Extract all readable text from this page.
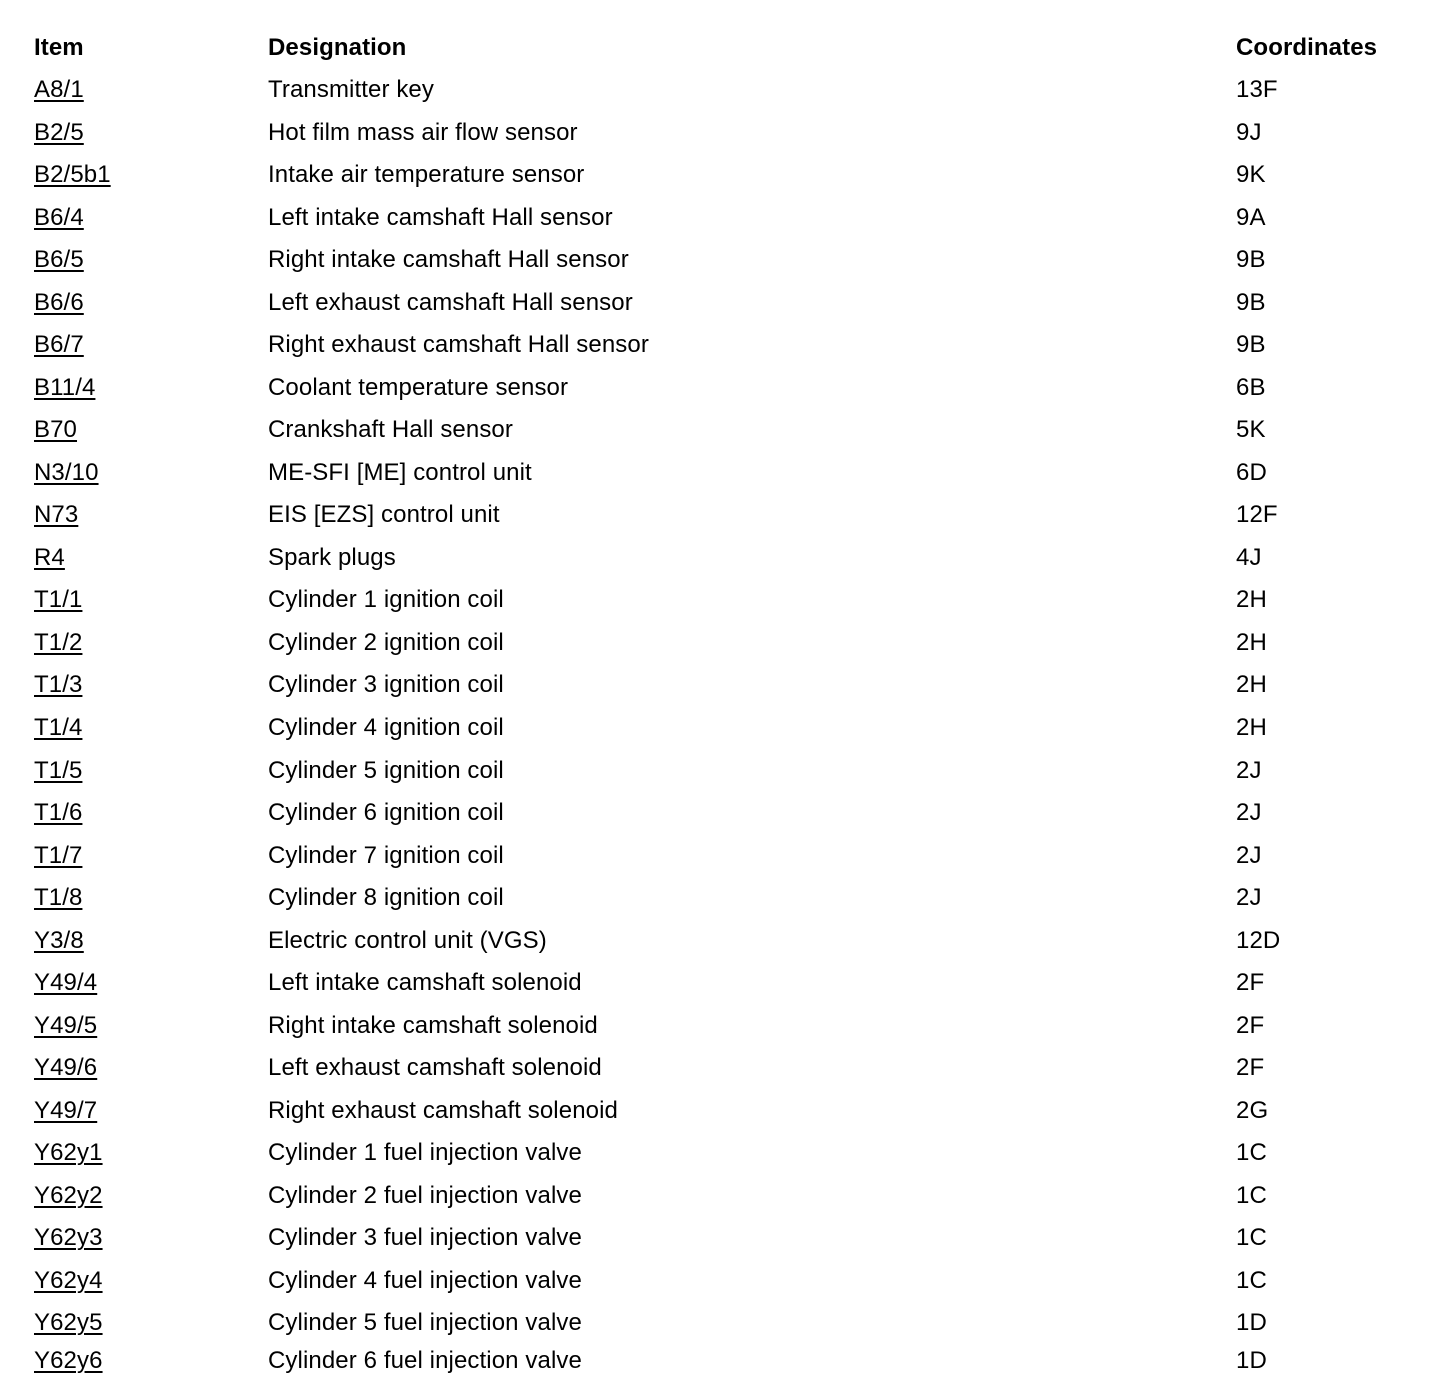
Item	Designation	Coordinates
A8/1	Transmitter key	13F
B2/5	Hot film mass air flow sensor	9J
B2/5b1	Intake air temperature sensor	9K
B6/4	Left intake camshaft Hall sensor	9A
B6/5	Right intake camshaft Hall sensor	9B
B6/6	Left exhaust camshaft Hall sensor	9B
B6/7	Right exhaust camshaft Hall sensor	9B
B11/4	Coolant temperature sensor	6B
B70	Crankshaft Hall sensor	5K
N3/10	ME-SFI [ME] control unit	6D
N73	EIS [EZS] control unit	12F
R4	Spark plugs	4J
T1/1	Cylinder 1 ignition coil	2H
T1/2	Cylinder 2 ignition coil	2H
T1/3	Cylinder 3 ignition coil	2H
T1/4	Cylinder 4 ignition coil	2H
T1/5	Cylinder 5 ignition coil	2J
T1/6	Cylinder 6 ignition coil	2J
T1/7	Cylinder 7 ignition coil	2J
T1/8	Cylinder 8 ignition coil	2J
Y3/8	Electric control unit (VGS)	12D
Y49/4	Left intake camshaft solenoid	2F
Y49/5	Right intake camshaft solenoid	2F
Y49/6	Left exhaust camshaft solenoid	2F
Y49/7	Right exhaust camshaft solenoid	2G
Y62y1	Cylinder 1 fuel injection valve	1C
Y62y2	Cylinder 2 fuel injection valve	1C
Y62y3	Cylinder 3 fuel injection valve	1C
Y62y4	Cylinder 4 fuel injection valve	1C
Y62y5	Cylinder 5 fuel injection valve	1D
Y62y6	Cylinder 6 fuel injection valve	1D
